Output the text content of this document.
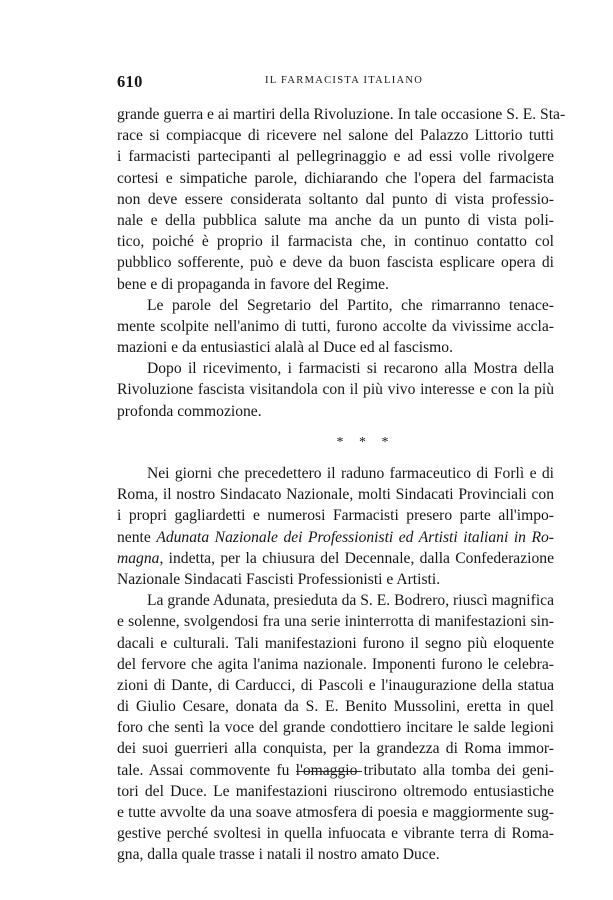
610	IL FARMACISTA ITALIANO
grande guerra e ai martiri della Rivoluzione. In tale occasione S. E. Sta-
race si compiacque di ricevere nel salone del Palazzo Littorio tutti
i farmacisti partecipanti al pellegrinaggio e ad essi volle rivolgere
cortesi e simpatiche parole, dichiarando che l'opera del farmacista
non deve essere considerata soltanto dal punto di vista professio-
nale e della pubblica salute ma anche da un punto di vista poli-
tico, poiché è proprio il farmacista che, in continuo contatto col
pubblico sofferente, può e deve da buon fascista esplicare opera di
bene e di propaganda in favore del Regime.
Le parole del Segretario del Partito, che rimarranno tenace-
mente scolpite nell'animo di tutti, furono accolte da vivissime accla-
mazioni e da entusiastici alalà al Duce ed al fascismo.
Dopo il ricevimento, i farmacisti si recarono alla Mostra della
Rivoluzione fascista visitandola con il più vivo interesse e con la più
profonda commozione.
* * *
Nei giorni che precedettero il raduno farmaceutico di Forlì e di
Roma, il nostro Sindacato Nazionale, molti Sindacati Provinciali con
i propri gagliardetti e numerosi Farmacisti presero parte all'impo-
nente Adunata Nazionale dei Professionisti ed Artisti italiani in Ro-
magna, indetta, per la chiusura del Decennale, dalla Confederazione
Nazionale Sindacati Fascisti Professionisti e Artisti.
La grande Adunata, presieduta da S. E. Bodrero, riuscì magnifica
e solenne, svolgendosi fra una serie ininterrotta di manifestazioni sin-
dacali e culturali. Tali manifestazioni furono il segno più eloquente
del fervore che agita l'anima nazionale. Imponenti furono le celebra-
zioni di Dante, di Carducci, di Pascoli e l'inaugurazione della statua
di Giulio Cesare, donata da S. E. Benito Mussolini, eretta in quel
foro che sentì la voce del grande condottiero incitare le salde legioni
dei suoi guerrieri alla conquista, per la grandezza di Roma immor-
tale. Assai commovente fu l'omaggio tributato alla tomba dei geni-
tori del Duce. Le manifestazioni riuscirono oltremodo entusiastiche
e tutte avvolte da una soave atmosfera di poesia e maggiormente sug-
gestive perché svoltesi in quella infuocata e vibrante terra di Roma-
gna, dalla quale trasse i natali il nostro amato Duce.
